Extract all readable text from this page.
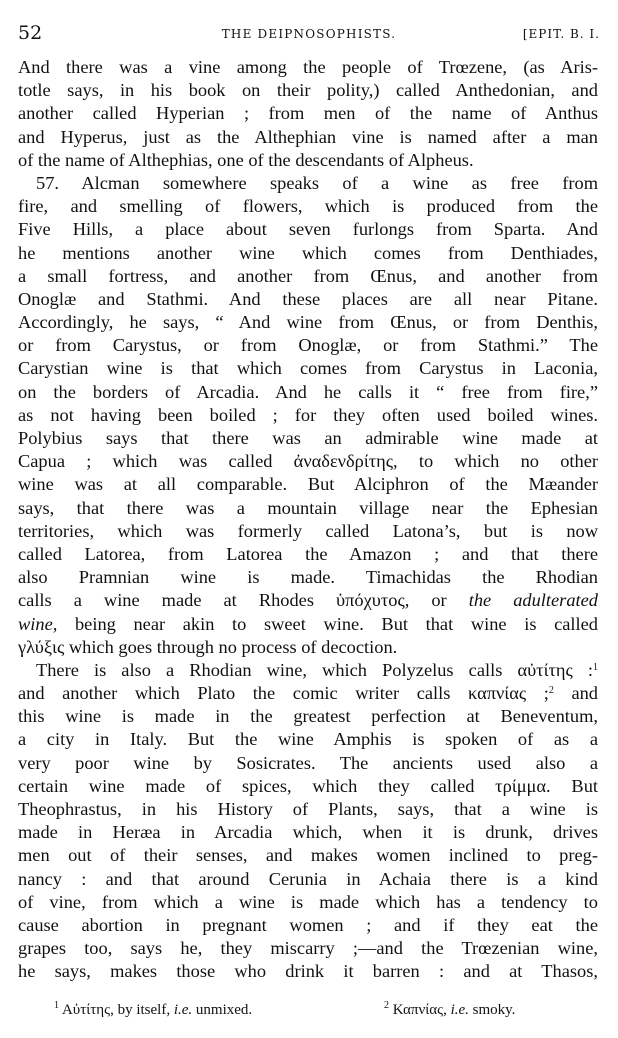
52	THE DEIPNOSOPHISTS.	[EPIT. B. I.
And there was a vine among the people of Trœzene, (as Aris-
totle says, in his book on their polity,) called Anthedonian, and
another called Hyperian ; from men of the name of Anthus
and Hyperus, just as the Althephian vine is named after a man
of the name of Althephias, one of the descendants of Alpheus.
57. Alcman somewhere speaks of a wine as free from
fire, and smelling of flowers, which is produced from the
Five Hills, a place about seven furlongs from Sparta. And
he mentions another wine which comes from Denthiades,
a small fortress, and another from Œnus, and another from
Onoglæ and Stathmi. And these places are all near Pitane.
Accordingly, he says, “ And wine from Œnus, or from Denthis,
or from Carystus, or from Onoglæ, or from Stathmi.” The
Carystian wine is that which comes from Carystus in Laconia,
on the borders of Arcadia. And he calls it “ free from fire,”
as not having been boiled ; for they often used boiled wines.
Polybius says that there was an admirable wine made at
Capua ; which was called ἀναδενδρίτης, to which no other
wine was at all comparable. But Alciphron of the Mæander
says, that there was a mountain village near the Ephesian
territories, which was formerly called Latona’s, but is now
called Latorea, from Latorea the Amazon ; and that there
also Pramnian wine is made. Timachidas the Rhodian
calls a wine made at Rhodes ὑπόχυτος, or the adulterated
wine, being near akin to sweet wine. But that wine is called
γλύξις which goes through no process of decoction.
There is also a Rhodian wine, which Polyzelus calls αὐτίτης :$^1$
and another which Plato the comic writer calls καπνίας ;$^2$ and
this wine is made in the greatest perfection at Beneventum,
a city in Italy. But the wine Amphis is spoken of as a
very poor wine by Sosicrates. The ancients used also a
certain wine made of spices, which they called τρίμμα. But
Theophrastus, in his History of Plants, says, that a wine is
made in Heræa in Arcadia which, when it is drunk, drives
men out of their senses, and makes women inclined to preg-
nancy : and that around Cerunia in Achaia there is a kind
of vine, from which a wine is made which has a tendency to
cause abortion in pregnant women ; and if they eat the
grapes too, says he, they miscarry ;—and the Trœzenian wine,
he says, makes those who drink it barren : and at Thasos,
$^1$ Αὐτίτης, by itself, i.e. unmixed.	$^2$ Καπνίας, i.e. smoky.
